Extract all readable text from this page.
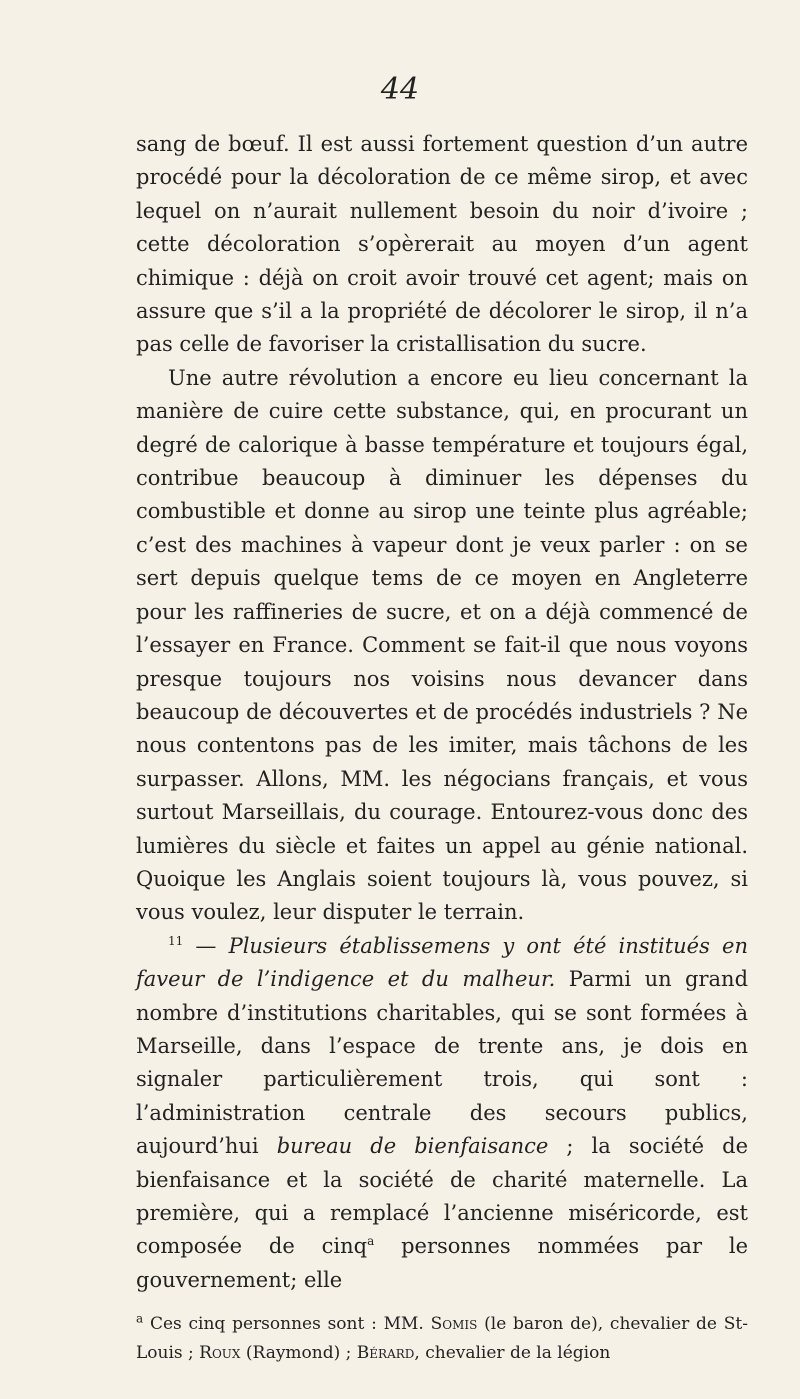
44

sang de bœuf. Il est aussi fortement question d’un autre procédé pour la décoloration de ce même sirop, et avec lequel on n’aurait nullement besoin du noir d’ivoire ; cette décoloration s’opèrerait au moyen d’un agent chimique : déjà on croit avoir trouvé cet agent; mais on assure que s’il a la propriété de décolorer le sirop, il n’a pas celle de favoriser la cristallisation du sucre.

Une autre révolution a encore eu lieu concernant la manière de cuire cette substance, qui, en procurant un degré de calorique à basse température et toujours égal, contribue beaucoup à diminuer les dépenses du combustible et donne au sirop une teinte plus agréable; c’est des machines à vapeur dont je veux parler : on se sert depuis quelque tems de ce moyen en Angleterre pour les raffineries de sucre, et on a déjà commencé de l’essayer en France. Comment se fait-il que nous voyons presque toujours nos voisins nous devancer dans beaucoup de découvertes et de procédés industriels ? Ne nous contentons pas de les imiter, mais tâchons de les surpasser. Allons, MM. les négocians français, et vous surtout Marseillais, du courage. Entourez-vous donc des lumières du siècle et faites un appel au génie national. Quoique les Anglais soient toujours là, vous pouvez, si vous voulez, leur disputer le terrain.

$^{11}$ — Plusieurs établissemens y ont été institués en faveur de l’indigence et du malheur. Parmi un grand nombre d’institutions charitables, qui se sont formées à Marseille, dans l’espace de trente ans, je dois en signaler particulièrement trois, qui sont : l’administration centrale des secours publics, aujourd’hui bureau de bienfaisance ; la société de bienfaisance et la société de charité maternelle. La première, qui a remplacé l’ancienne miséricorde, est composée de cinq$^a$ personnes nommées par le gouvernement; elle

$^a$ Ces cinq personnes sont : MM. Somis (le baron de), chevalier de St-Louis ; Roux (Raymond) ; Bérard, chevalier de la légion
